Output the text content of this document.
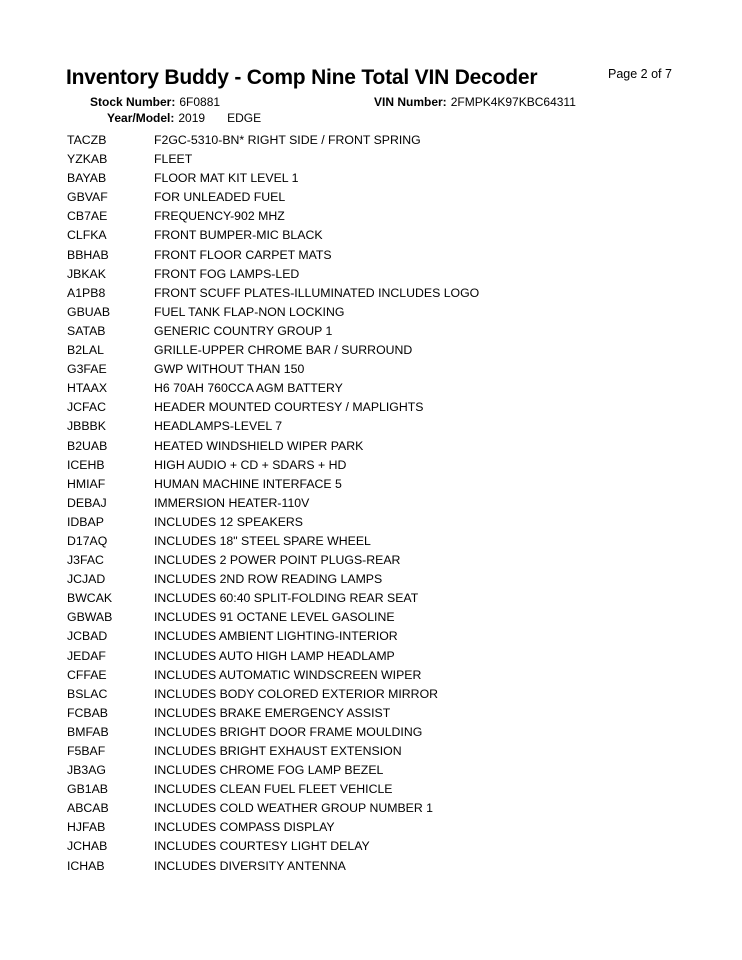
Page 2 of 7
Inventory Buddy - Comp Nine Total VIN Decoder
Stock Number: 6F0881	VIN Number: 2FMPK4K97KBC64311
Year/Model: 2019 EDGE
TACZB	F2GC-5310-BN* RIGHT SIDE / FRONT SPRING
YZKAB	FLEET
BAYAB	FLOOR MAT KIT LEVEL 1
GBVAF	FOR UNLEADED FUEL
CB7AE	FREQUENCY-902 MHZ
CLFKA	FRONT BUMPER-MIC BLACK
BBHAB	FRONT FLOOR CARPET MATS
JBKAK	FRONT FOG LAMPS-LED
A1PB8	FRONT SCUFF PLATES-ILLUMINATED INCLUDES LOGO
GBUAB	FUEL TANK FLAP-NON LOCKING
SATAB	GENERIC COUNTRY GROUP 1
B2LAL	GRILLE-UPPER CHROME BAR / SURROUND
G3FAE	GWP WITHOUT THAN 150
HTAAX	H6 70AH 760CCA AGM BATTERY
JCFAC	HEADER MOUNTED COURTESY / MAPLIGHTS
JBBBK	HEADLAMPS-LEVEL 7
B2UAB	HEATED WINDSHIELD WIPER PARK
ICEHB	HIGH AUDIO + CD + SDARS + HD
HMIAF	HUMAN MACHINE INTERFACE 5
DEBAJ	IMMERSION HEATER-110V
IDBAP	INCLUDES 12 SPEAKERS
D17AQ	INCLUDES 18" STEEL SPARE WHEEL
J3FAC	INCLUDES 2 POWER POINT PLUGS-REAR
JCJAD	INCLUDES 2ND ROW READING LAMPS
BWCAK	INCLUDES 60:40 SPLIT-FOLDING REAR SEAT
GBWAB	INCLUDES 91 OCTANE LEVEL GASOLINE
JCBAD	INCLUDES AMBIENT LIGHTING-INTERIOR
JEDAF	INCLUDES AUTO HIGH LAMP HEADLAMP
CFFAE	INCLUDES AUTOMATIC WINDSCREEN WIPER
BSLAC	INCLUDES BODY COLORED EXTERIOR MIRROR
FCBAB	INCLUDES BRAKE EMERGENCY ASSIST
BMFAB	INCLUDES BRIGHT DOOR FRAME MOULDING
F5BAF	INCLUDES BRIGHT EXHAUST EXTENSION
JB3AG	INCLUDES CHROME FOG LAMP BEZEL
GB1AB	INCLUDES CLEAN FUEL FLEET VEHICLE
ABCAB	INCLUDES COLD WEATHER GROUP NUMBER 1
HJFAB	INCLUDES COMPASS DISPLAY
JCHAB	INCLUDES COURTESY LIGHT DELAY
ICHAB	INCLUDES DIVERSITY ANTENNA
